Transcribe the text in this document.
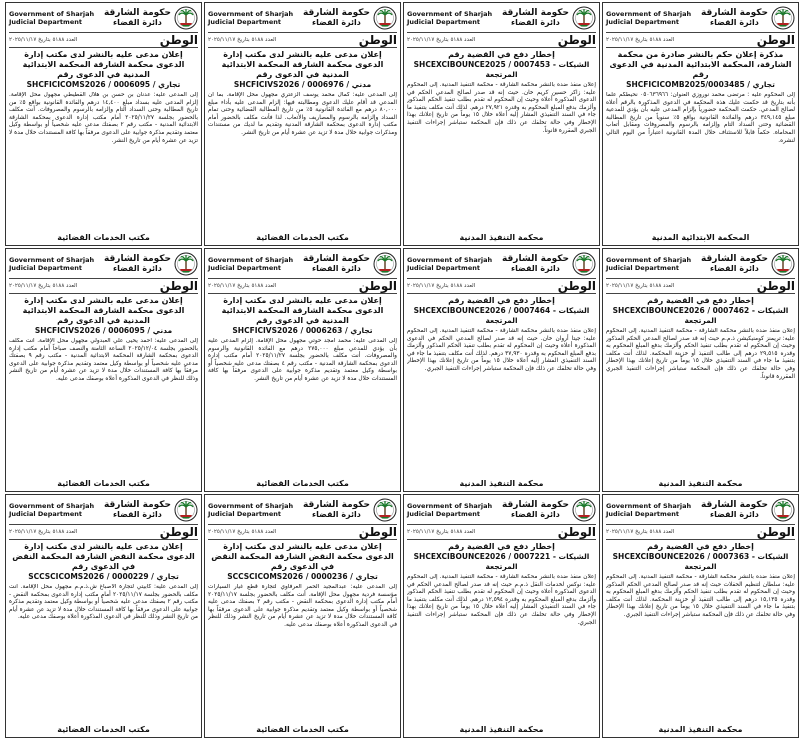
Government of Sharjah
Judicial Department
حكومة الشارقة
دائرة القضاء
الوطن
العدد ٥١٨٨ بتاريخ ٢٠٢٥/١١/١٧
مذكرة إعلان حكم بالنشر صادرة من محكمة الشارقة، المحكمة الابتدائية المدنية في الدعوى رقم
SHCFICICOMB2025/0003485 / تجاري
إلى المحكوم عليه : مرتضى محمد نوروزي العنوان: ٠٥٠٦٣٦٩٦٦ نحيطكم علماً بأنه بتاريخ قد حكمت عليك هذه المحكمة في الدعوى المذكورة بالرقم أعلاه لصالح المدعي. حكمت المحكمة حضورياً بإلزام المدعى عليه بأن يؤدي للمدعية مبلغ ٣٤٩,١٤٥ درهم والفائدة القانونية بواقع ٥٪ سنوياً من تاريخ المطالبة القضائية وحتى السداد التام وإلزامه بالرسوم والمصروفات ومقابل أتعاب المحاماة. حكماً قابلاً للاستئناف خلال المدة القانونية اعتباراً من اليوم التالي لنشره.
المحكمة الابتدائية المدنية
Government of Sharjah
Judicial Department
حكومة الشارقة
دائرة القضاء
الوطن
العدد ٥١٨٨ بتاريخ ٢٠٢٥/١١/١٧
إخطار دفع في القضية رقم
SHCEXCIBOUNCE2025 / 0007453 - الشيكات المرتجعة
إعلان منفذ ضده بالنشر محكمة الشارقة - محكمة التنفيذ المدنية. إلى المحكوم عليه: زاكر حسين كريم خان. حيث إنه قد صدر لصالح المدعي الحكم في الدعوى المذكورة أعلاه وحيث إن المحكوم له تقدم بطلب تنفيذ الحكم المذكور وألزمك بدفع المبلغ المحكوم به وقدره ٢٧,٩٢١ درهم. لذلك أنت مكلف بتنفيذ ما جاء في السند التنفيذي المشار إليه أعلاه خلال ١٥ يوماً من تاريخ إعلانك بهذا الإخطار وفي حالة تخلفك عن ذلك فإن المحكمة ستباشر إجراءات التنفيذ الجبري المقررة قانوناً.
محكمة التنفيذ المدنية
Government of Sharjah
Judicial Department
حكومة الشارقة
دائرة القضاء
الوطن
العدد ٥١٨٨ بتاريخ ٢٠٢٥/١١/١٧
إعلان مدعى عليه بالنشر لدى مكتب إدارة الدعوى محكمة الشارقة المحكمة الابتدائية المدنية في الدعوى رقم
SHCFICIVS2026 / 0006976 / مدني
إلى المدعى عليه: كمال محمد يوسف الزعتري مجهول محل الإقامة. بما أن المدعي قد أقام عليك الدعوى ومطالبته فيها: إلزام المدعى عليه بأداء مبلغ ٨٠,٠٠٠ درهم مع الفائدة القانونية ٥٪ من تاريخ المطالبة القضائية وحتى تمام السداد وإلزامه بالرسوم والمصاريف والأتعاب. لذا فأنت مكلف بالحضور أمام مكتب إدارة الدعوى بمحكمة الشارقة المدنية وتقديم ما لديك من مستندات ومذكرات جوابية خلال مدة لا تزيد عن عشرة أيام من تاريخ النشر.
مكتب الخدمات القضائية
Government of Sharjah
Judicial Department
حكومة الشارقة
دائرة القضاء
الوطن
العدد ٥١٨٨ بتاريخ ٢٠٢٥/١١/١٧
إعلان مدعى عليه بالنشر لدى مكتب إدارة الدعوى محكمة الشارقة المحكمة الابتدائية المدنية في الدعوى رقم
SHCFICICOMS2026 / 0006095 / تجاري
إلى المدعى عليه: عدنان بن حسن بن هلال القطيطي مجهول محل الإقامة. إلزام المدعى عليه بسداد مبلغ ١٤,٤٠٠ درهم والفائدة القانونية بواقع ٥٪ من تاريخ المطالبة وحتى السداد التام وإلزامه بالرسوم والمصروفات. أنت مكلف بالحضور بجلسة ٢٠٢٥/١١/٢٧ أمام مكتب إدارة الدعوى بمحكمة الشارقة الابتدائية المدنية - مكتب رقم ٢ بصفتك مدعى عليه شخصياً أو بواسطة وكيل معتمد وتقديم مذكرة جوابية على الدعوى مرفقاً بها كافة المستندات خلال مدة لا تزيد عن عشرة أيام من تاريخ النشر.
مكتب الخدمات القضائية
Government of Sharjah
Judicial Department
حكومة الشارقة
دائرة القضاء
الوطن
العدد ٥١٨٨ بتاريخ ٢٠٢٥/١١/١٧
إخطار دفع في القضية رقم
SHCEXCIBOUNCE2026 / 0007462 - الشيكات المرتجعة
إعلان منفذ ضده بالنشر محكمة الشارقة - محكمة التنفيذ المدنية. إلى المحكوم عليه: تريمنز كومنيكيشن ذ.م.م حيث إنه قد صدر لصالح المدعي الحكم المذكور وحيث إن المحكوم له تقدم بطلب تنفيذ الحكم وألزمك بدفع المبلغ المحكوم به وقدره ٢٩,٥١٥ درهم إلى طالب التنفيذ أو خزينة المحكمة. لذلك أنت مكلف بتنفيذ ما جاء في السند التنفيذي خلال ١٥ يوماً من تاريخ إعلانك بهذا الإخطار وفي حالة تخلفك عن ذلك فإن المحكمة ستباشر إجراءات التنفيذ الجبري المقررة قانوناً.
محكمة التنفيذ المدنية
Government of Sharjah
Judicial Department
حكومة الشارقة
دائرة القضاء
الوطن
العدد ٥١٨٨ بتاريخ ٢٠٢٥/١١/١٧
إخطار دفع في القضية رقم
SHCEXCIBOUNCE2026 / 0007464 - الشيكات المرتجعة
إعلان منفذ ضده بالنشر محكمة الشارقة - محكمة التنفيذ المدنية. إلى المحكوم عليه: جيتا أروان خان. حيث إنه قد صدر لصالح المدعي الحكم في الدعوى المذكورة أعلاه وحيث إن المحكوم له تقدم بطلب تنفيذ الحكم المذكور وألزمك بدفع المبلغ المحكوم به وقدره ٣٧,٩٣٠ درهم. لذلك أنت مكلف بتنفيذ ما جاء في السند التنفيذي المشار إليه أعلاه خلال ١٥ يوماً من تاريخ إعلانك بهذا الإخطار وفي حالة تخلفك عن ذلك فإن المحكمة ستباشر إجراءات التنفيذ الجبري.
محكمة التنفيذ المدنية
Government of Sharjah
Judicial Department
حكومة الشارقة
دائرة القضاء
الوطن
العدد ٥١٨٨ بتاريخ ٢٠٢٥/١١/١٧
إعلان مدعى عليه بالنشر لدى مكتب إدارة الدعوى محكمة الشارقة المحكمة الابتدائية المدنية في الدعوى رقم
SHCFICIVS2026 / 0006263 / تجاري
إلى المدعى عليه: محمد أمجد حوتي مجهول محل الإقامة. إلزام المدعى عليه بأن يؤدي للمدعي مبلغ ٢٧٥,٠٠٠ درهم مع الفائدة القانونية والرسوم والمصروفات. أنت مكلف بالحضور بجلسة ٢٠٢٥/١١/٢٧ أمام مكتب إدارة الدعوى بمحكمة الشارقة المدنية - مكتب رقم ٤ بصفتك مدعى عليه شخصياً أو بواسطة وكيل معتمد وتقديم مذكرة جوابية على الدعوى مرفقاً بها كافة المستندات خلال مدة لا تزيد عن عشرة أيام من تاريخ النشر.
مكتب الخدمات القضائية
Government of Sharjah
Judicial Department
حكومة الشارقة
دائرة القضاء
الوطن
العدد ٥١٨٨ بتاريخ ٢٠٢٥/١١/١٧
إعلان مدعى عليه بالنشر لدى مكتب إدارة الدعوى محكمة الشارقة المحكمة الابتدائية المدنية في الدعوى رقم
SHCFICIVS2026 / 0006095 / مدني
إلى المدعى عليه: أحمد يحيى علي العبدولي مجهول محل الإقامة. أنت مكلف بالحضور بجلسة ٢٠٢٥/١٢/٠٤ الساعة الثامنة والنصف صباحاً أمام مكتب إدارة الدعوى بمحكمة الشارقة المحكمة الابتدائية المدنية - مكتب رقم ٩ بصفتك مدعى عليه شخصياً أو بواسطة وكيل معتمد وتقديم مذكرة جوابية على الدعوى مرفقاً بها كافة المستندات خلال مدة لا تزيد عن عشرة أيام من تاريخ النشر وذلك للنظر في الدعوى المذكورة أعلاه بوصفك مدعى عليه.
مكتب الخدمات القضائية
Government of Sharjah
Judicial Department
حكومة الشارقة
دائرة القضاء
الوطن
العدد ٥١٨٨ بتاريخ ٢٠٢٥/١١/١٧
إخطار دفع في القضية رقم
SHCEXCIBOUNCE2026 / 0007363 - الشيكات المرتجعة
إعلان منفذ ضده بالنشر محكمة الشارقة - محكمة التنفيذ المدنية. إلى المحكوم عليه: سلطان لتنظيم الحفلات حيث إنه قد صدر لصالح المدعي الحكم المذكور وحيث إن المحكوم له تقدم بطلب تنفيذ الحكم وألزمك بدفع المبلغ المحكوم به وقدره ١٥,١٣٥ درهم إلى طالب التنفيذ أو خزينة المحكمة. لذلك أنت مكلف بتنفيذ ما جاء في السند التنفيذي خلال ١٥ يوماً من تاريخ إعلانك بهذا الإخطار وفي حالة تخلفك عن ذلك فإن المحكمة ستباشر إجراءات التنفيذ الجبري.
محكمة التنفيذ المدنية
Government of Sharjah
Judicial Department
حكومة الشارقة
دائرة القضاء
الوطن
العدد ٥١٨٨ بتاريخ ٢٠٢٥/١١/١٧
إخطار دفع في القضية رقم
SHCEXCIBOUNCE2026 / 0007221 - الشيكات المرتجعة
إعلان منفذ ضده بالنشر محكمة الشارقة - محكمة التنفيذ المدنية. إلى المحكوم عليه: نوكس لخدمات النقل ذ.م.م حيث إنه قد صدر لصالح المدعي الحكم في الدعوى المذكورة أعلاه وحيث إن المحكوم له تقدم بطلب تنفيذ الحكم المذكور وألزمك بدفع المبلغ المحكوم به وقدره ١٢,٥٩٤ درهم. لذلك أنت مكلف بتنفيذ ما جاء في السند التنفيذي المشار إليه أعلاه خلال ١٥ يوماً من تاريخ إعلانك بهذا الإخطار وفي حالة تخلفك عن ذلك فإن المحكمة ستباشر إجراءات التنفيذ الجبري.
محكمة التنفيذ المدنية
Government of Sharjah
Judicial Department
حكومة الشارقة
دائرة القضاء
الوطن
العدد ٥١٨٨ بتاريخ ٢٠٢٥/١١/١٧
إعلان مدعى عليه بالنشر لدى مكتب إدارة الدعوى محكمة النقض الشارقة المحكمة النقض في الدعوى رقم
SCCSCICOMS2026 / 0000236 / تجاري
إلى المدعى عليه: عبدالمجيد الحمر العرفاوي لتجارة قطع غيار السيارات مؤسسة فردية مجهول محل الإقامة. أنت مكلف بالحضور بجلسة ٢٠٢٥/١١/١٧ أمام مكتب إدارة الدعوى بمحكمة النقض - مكتب رقم ٢ بصفتك مدعى عليه شخصياً أو بواسطة وكيل معتمد وتقديم مذكرة جوابية على الدعوى مرفقاً بها كافة المستندات خلال مدة لا تزيد عن عشرة أيام من تاريخ النشر وذلك للنظر في الدعوى المذكورة أعلاه بوصفك مدعى عليه.
مكتب الخدمات القضائية
Government of Sharjah
Judicial Department
حكومة الشارقة
دائرة القضاء
الوطن
العدد ٥١٨٨ بتاريخ ٢٠٢٥/١١/١٧
إعلان مدعى عليه بالنشر لدى مكتب إدارة الدعوى محكمة النقض الشارقة المحكمة النقض في الدعوى رقم
SCCSCICOMS2026 / 0000229 / تجاري
إلى المدعى عليه: كابيتي لتجارة الأصباغ ش.ذ.م.م مجهول محل الإقامة. أنت مكلف بالحضور بجلسة ٢٠٢٥/١١/١٧ أمام مكتب إدارة الدعوى بمحكمة النقض - مكتب رقم ٢ بصفتك مدعى عليه شخصياً أو بواسطة وكيل معتمد وتقديم مذكرة جوابية على الدعوى مرفقاً بها كافة المستندات خلال مدة لا تزيد عن عشرة أيام من تاريخ النشر وذلك للنظر في الدعوى المذكورة أعلاه بوصفك مدعى عليه.
مكتب الخدمات القضائية
